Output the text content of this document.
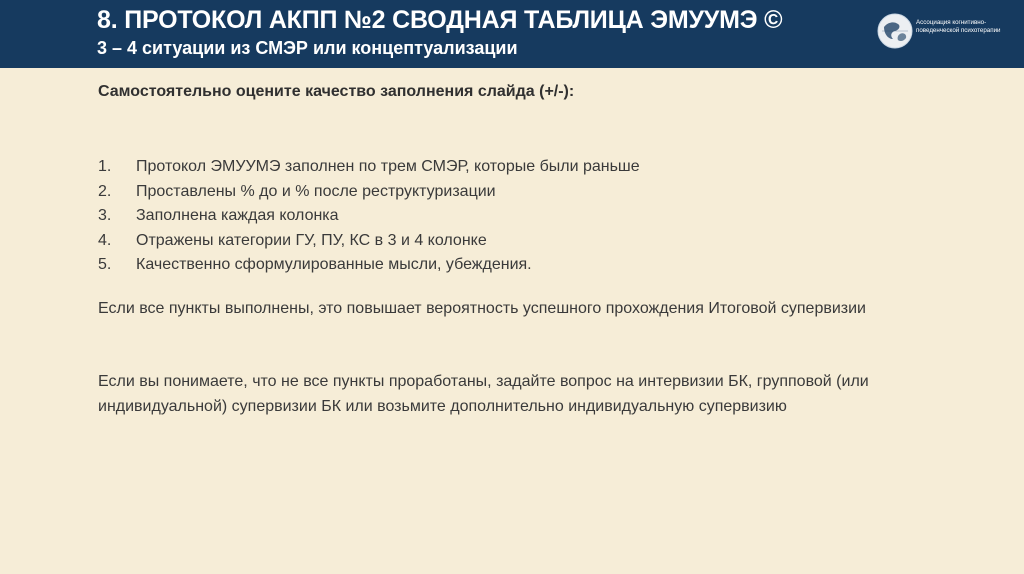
8. ПРОТОКОЛ АКПП №2 СВОДНАЯ ТАБЛИЦА ЭМУУМЭ ©
3 – 4 ситуации из СМЭР или концептуализации
Ассоциация когнитивно-поведенческой психотерапии
Самостоятельно оцените качество заполнения слайда (+/-):
1. Протокол ЭМУУМЭ заполнен по трем СМЭР, которые были раньше
2. Проставлены % до и % после реструктуризации
3. Заполнена каждая колонка
4. Отражены категории ГУ, ПУ, КС в 3 и 4 колонке
5. Качественно сформулированные мысли, убеждения.

Если все пункты выполнены, это повышает вероятность успешного прохождения Итоговой супервизии

Если вы понимаете, что не все пункты проработаны, задайте вопрос на интервизии БК, групповой (или индивидуальной) супервизии БК или возьмите дополнительно индивидуальную супервизию
